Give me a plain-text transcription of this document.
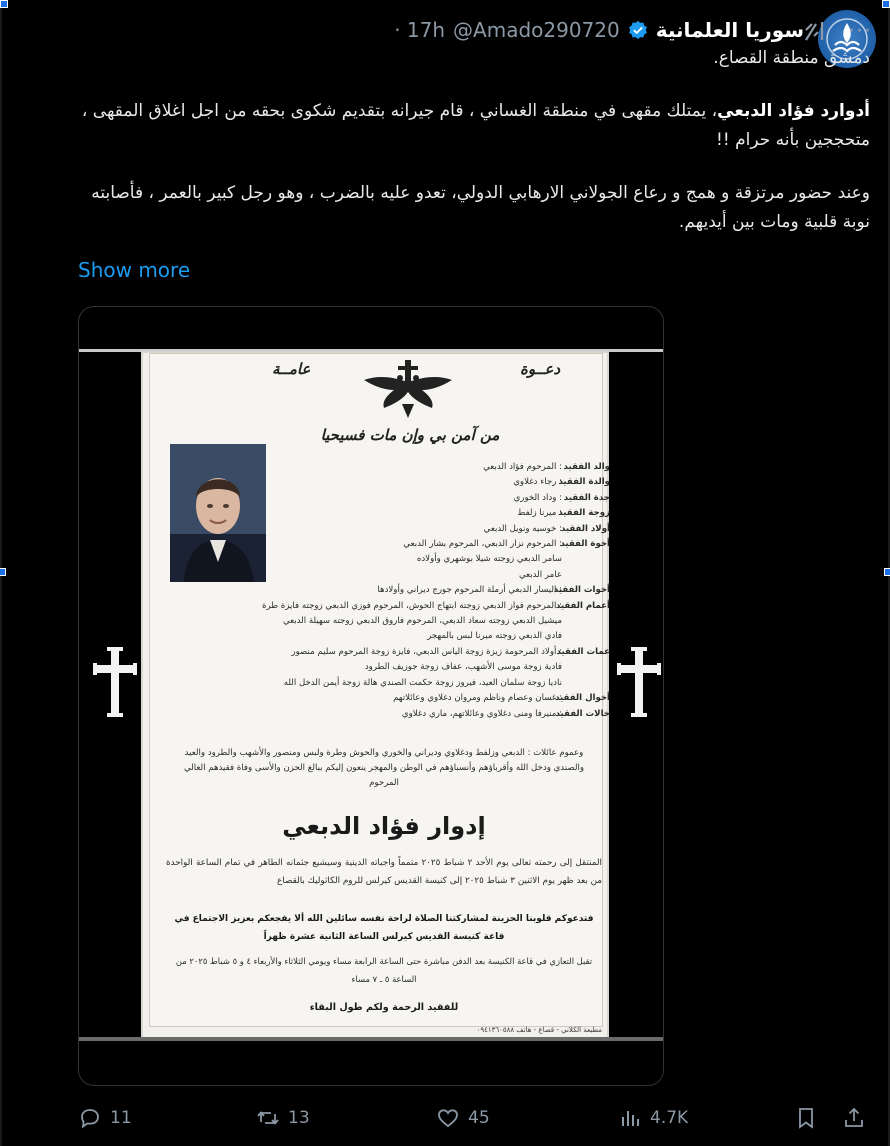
سوريا العلمانية
@Amado290720
· 17h	···

دمشق منطقة القصاع.

أدوارد فؤاد الدبعي، يمتلك مقهى في منطقة الغساني ، قام جيرانه بتقديم شكوى بحقه من اجل اغلاق المقهى ، متحججين بأنه حرام !!

وعند حضور مرتزقة و همج و رعاع الجولاني الارهابي الدولي، تعدو عليه بالضرب ، وهو رجل كبير بالعمر ، فأصابته نوبة قلبية ومات بين أيديهم.

Show more
دعــوة
عامــة
من آمن بي وإن مات فسيحيا
والد الفقيد
: المرحوم فؤاد الدبعي
والدة الفقيد
: رجاء دغلاوي
جدة الفقيد
: وداد الخوري
زوجة الفقيد
: ميرنا زلفط
أولاد الفقيد
: خوسيه ونويل الدبعي
أخوة الفقيد
: المرحوم نزار الدبعي، المرحوم بشار الدبعي
سامر الدبعي زوجته شيلا بوشهري وأولاده
عامر الدبعي
أخوات الفقيد
: اليسار الدبعي أرملة المرحوم جورج ديراني وأولادها
أعمام الفقيد
: المرحوم فواز الدبعي زوجته ابتهاج الحوش، المرحوم فوزي الدبعي زوجته فايزة طرة
ميشيل الدبعي زوجته سعاد الدبعي، المرحوم فاروق الدبعي زوجته سهيلة الدبعي
فادي الدبعي زوجته ميرنا لبس بالمهجر
عمات الفقيد
: أولاد المرحومة زيزة زوجة الياس الدبعي، فايزة زوجة المرحوم سليم منصور
فادية زوجة موسى الأشهب، عفاف زوجة جوزيف الطرود
ناديا زوجة سلمان العيد، فيروز زوجة حكمت الصندي هالة زوجة أيمن الدخل الله
أخوال الفقيد
: غسان وعصام وناظم ومروان دغلاوي وعائلاتهم
خالات الفقيد
: منيرفا ومنى دغلاوي وعائلاتهم، ماري دغلاوي
وعموم عائلات : الدبعي وزلفط ودغلاوي وديراني والخوري والحوش وطرة ولبس ومنصور والأشهب والطرود والعيد والصندي ودخل الله وأقرباؤهم وأنسباؤهم في الوطن والمهجر ينعون إليكم ببالغ الحزن والأسى وفاة فقيدهم الغالي المرحوم
إدوار فؤاد الدبعي
المنتقل إلى رحمته تعالى يوم الأحد ٢ شباط ٢٠٢٥ متمماً واجباته الدينية وسيشيع جثمانه الطاهر في تمام الساعة الواحدة من بعد ظهر يوم الاثنين ٣ شباط ٢٠٢٥ إلى كنيسة القديس كيرلس للروم الكاثوليك بالقصاع
فتدعوكم قلوبنا الحزينة لمشاركتنا الصلاة لراحة نفسه سائلين الله ألا يفجعكم بعزيز الاجتماع في قاعة كنيسة القديس كيرلس الساعة الثانية عشرة ظهراً
تقبل التعازي في قاعة الكنيسة بعد الدفن مباشرة حتى الساعة الرابعة مساء ويومي الثلاثاء والأربعاء ٤ و ٥ شباط ٢٠٢٥ من الساعة ٥ ـ ٧ مساء
للفقيد الرحمة ولكم طول البقاء
مطبعة الكلاني - قصاع - هاتف ٠٩٤١٣٦٠٥٨٨
11	13	45	4.7K
